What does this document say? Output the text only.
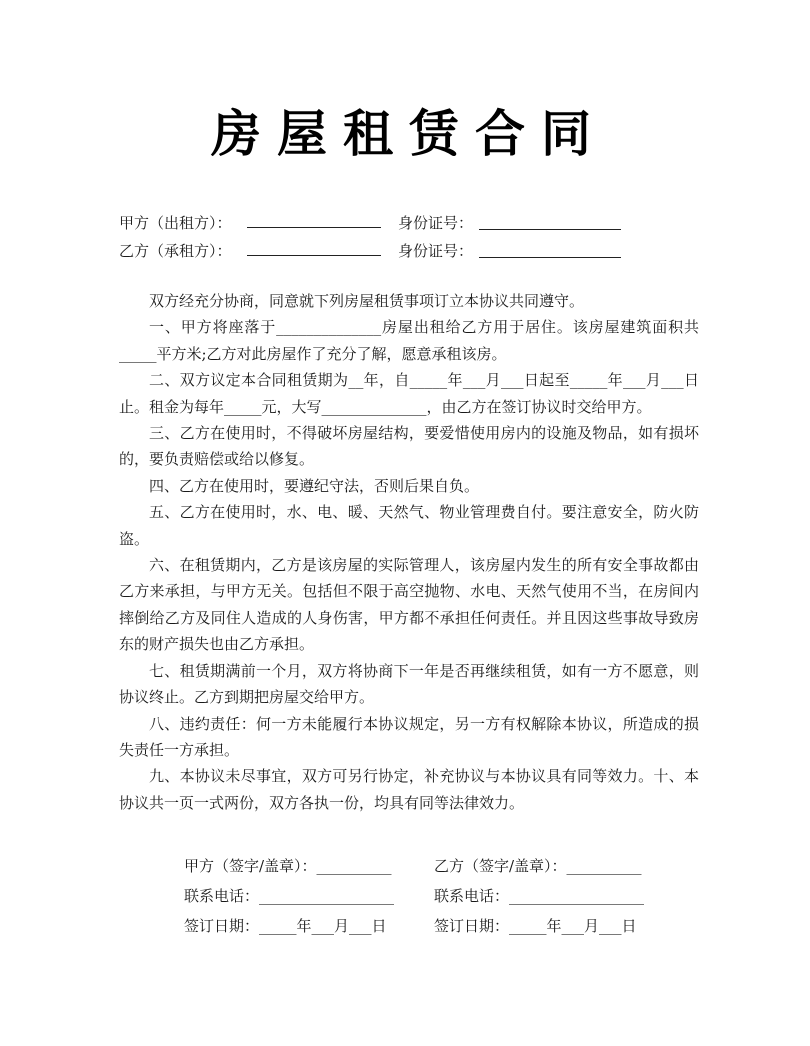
房屋租赁合同
甲方（出租方）：	身份证号：
乙方（承租方）：	身份证号：

双方经充分协商，同意就下列房屋租赁事项订立本协议共同遵守。

一、甲方将座落于______________房屋出租给乙方用于居住。该房屋建筑面积共_____平方米;乙方对此房屋作了充分了解，愿意承租该房。

二、双方议定本合同租赁期为__年，自_____年___月___日起至_____年___月___日止。租金为每年_____元，大写______________，由乙方在签订协议时交给甲方。

三、乙方在使用时，不得破坏房屋结构，要爱惜使用房内的设施及物品，如有损坏的，要负责赔偿或给以修复。

四、乙方在使用时，要遵纪守法，否则后果自负。

五、乙方在使用时，水、电、暖、天然气、物业管理费自付。要注意安全，防火防盗。

六、在租赁期内，乙方是该房屋的实际管理人，该房屋内发生的所有安全事故都由乙方来承担，与甲方无关。包括但不限于高空抛物、水电、天然气使用不当，在房间内摔倒给乙方及同住人造成的人身伤害，甲方都不承担任何责任。并且因这些事故导致房东的财产损失也由乙方承担。

七、租赁期满前一个月，双方将协商下一年是否再继续租赁，如有一方不愿意，则协议终止。乙方到期把房屋交给甲方。

八、违约责任：何一方未能履行本协议规定，另一方有权解除本协议，所造成的损失责任一方承担。

九、本协议未尽事宜，双方可另行协定，补充协议与本协议具有同等效力。十、本协议共一页一式两份，双方各执一份，均具有同等法律效力。

甲方（签字/盖章）：__________	乙方（签字/盖章）：__________
联系电话：__________________	联系电话：__________________
签订日期：_____年___月___日	签订日期：_____年___月___日
